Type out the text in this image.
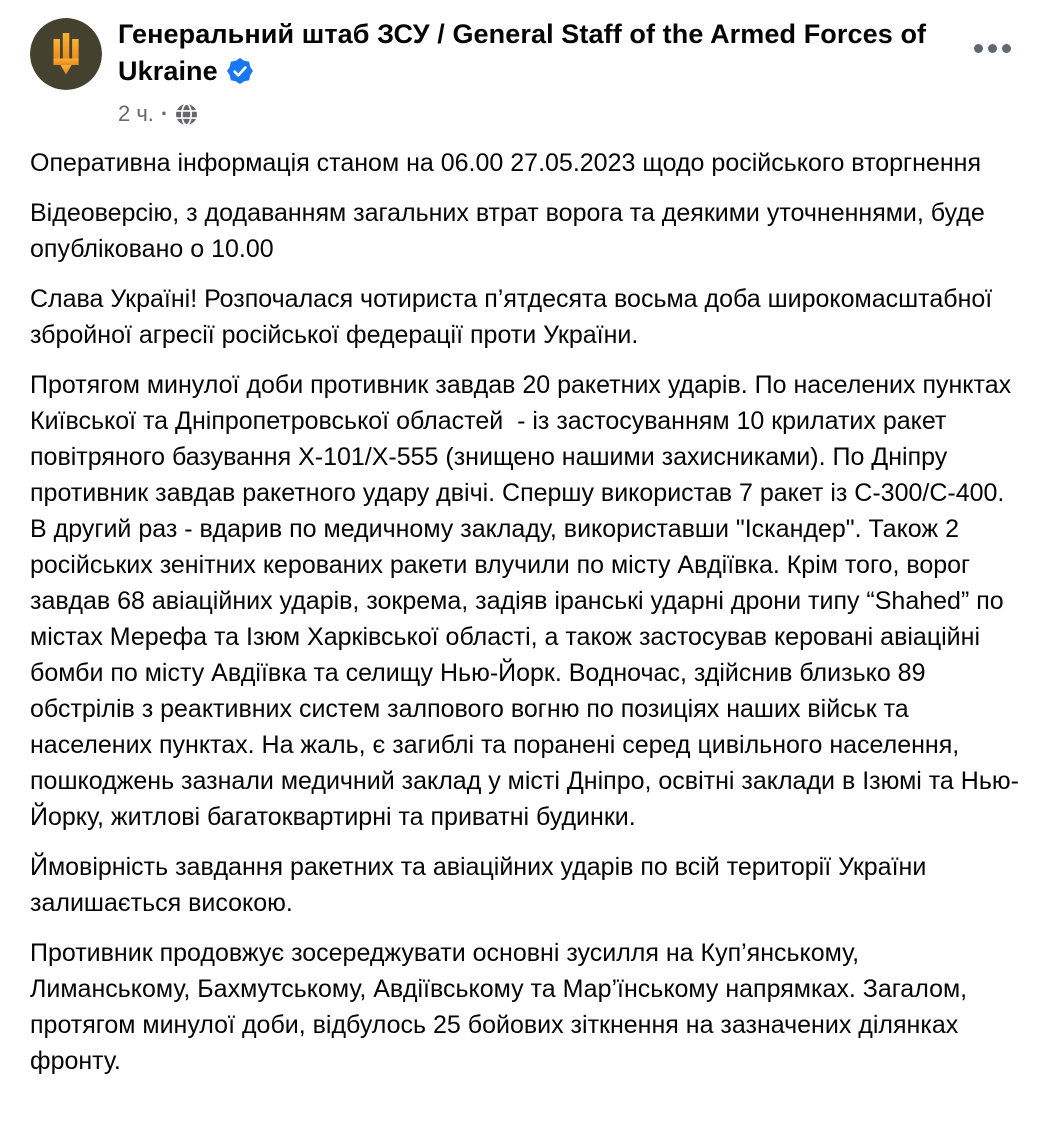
Генеральний штаб ЗСУ / General Staff of the Armed Forces of Ukraine
2 ч. ·

Оперативна інформація станом на 06.00 27.05.2023 щодо російського вторгнення

Відеоверсію, з додаванням загальних втрат ворога та деякими уточненнями, буде опубліковано о 10.00

Слава Україні! Розпочалася чотириста п’ятдесята восьма доба широкомасштабної збройної агресії російської федерації проти України.

Протягом минулої доби противник завдав 20 ракетних ударів. По населених пунктах Київської та Дніпропетровської областей  - із застосуванням 10 крилатих ракет повітряного базування Х-101/Х-555 (знищено нашими захисниками). По Дніпру противник завдав ракетного удару двічі. Спершу використав 7 ракет із С-300/С-400. В другий раз - вдарив по медичному закладу, використавши "Іскандер". Також 2 російських зенітних керованих ракети влучили по місту Авдіївка. Крім того, ворог завдав 68 авіаційних ударів, зокрема, задіяв іранські ударні дрони типу “Shahed” по містах Мерефа та Ізюм Харківської області, а також застосував керовані авіаційні бомби по місту Авдіївка та селищу Нью-Йорк. Водночас, здійснив близько 89 обстрілів з реактивних систем залпового вогню по позиціях наших військ та населених пунктах. На жаль, є загиблі та поранені серед цивільного населення, пошкоджень зазнали медичний заклад у місті Дніпро, освітні заклади в Ізюмі та Нью-Йорку, житлові багатоквартирні та приватні будинки.

Ймовірність завдання ракетних та авіаційних ударів по всій території України залишається високою.

Противник продовжує зосереджувати основні зусилля на Куп’янському, Лиманському, Бахмутському, Авдіївському та Мар’їнському напрямках. Загалом, протягом минулої доби, відбулось 25 бойових зіткнення на зазначених ділянках фронту.
